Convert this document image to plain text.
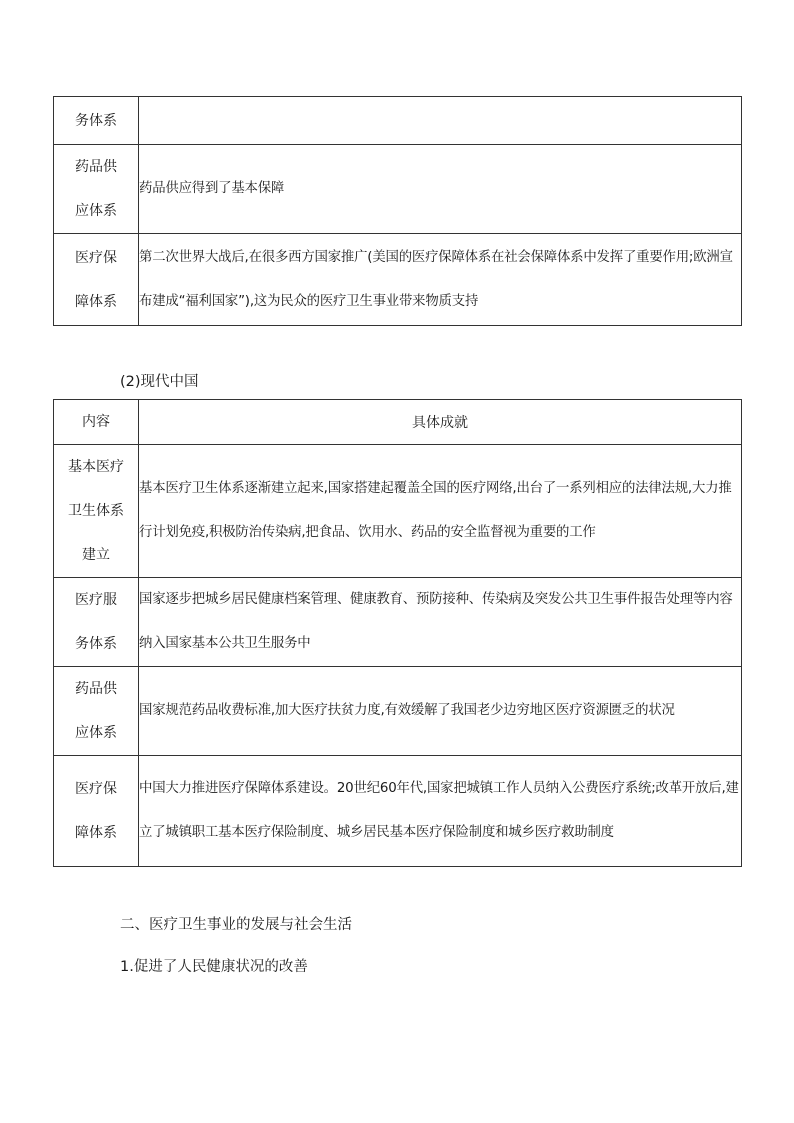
务体系	

药品供
应体系	药品供应得到了基本保障

医疗保
障体系	第二次世界大战后,在很多西方国家推广(美国的医疗保障体系在社会保障体系中发挥了重要作用;欧洲宣布建成“福利国家”),这为民众的医疗卫生事业带来物质支持
(2)现代中国
内容	具体成就

基本医疗
卫生体系
建立	基本医疗卫生体系逐渐建立起来,国家搭建起覆盖全国的医疗网络,出台了一系列相应的法律法规,大力推行计划免疫,积极防治传染病,把食品、饮用水、药品的安全监督视为重要的工作

医疗服
务体系	国家逐步把城乡居民健康档案管理、健康教育、预防接种、传染病及突发公共卫生事件报告处理等内容纳入国家基本公共卫生服务中

药品供
应体系	国家规范药品收费标准,加大医疗扶贫力度,有效缓解了我国老少边穷地区医疗资源匮乏的状况

医疗保
障体系	中国大力推进医疗保障体系建设。20世纪60年代,国家把城镇工作人员纳入公费医疗系统;改革开放后,建立了城镇职工基本医疗保险制度、城乡居民基本医疗保险制度和城乡医疗救助制度
二、医疗卫生事业的发展与社会生活
1.促进了人民健康状况的改善
